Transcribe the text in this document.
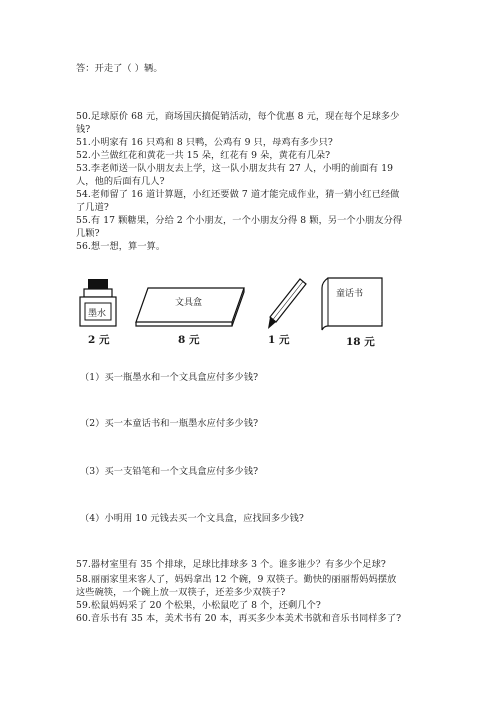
答：开走了（ ）辆。
50.足球原价 68 元，商场国庆搞促销活动，每个优惠 8 元，现在每个足球多少
钱?
51.小明家有 16 只鸡和 8 只鸭，公鸡有 9 只，母鸡有多少只?
52.小兰做红花和黄花一共 15 朵，红花有 9 朵，黄花有几朵?
53.李老师送一队小朋友去上学，这一队小朋友共有 27 人，小明的前面有 19
人，他的后面有几人?
54.老师留了 16 道计算题，小红还要做 7 道才能完成作业，猜一猜小红已经做
了几道?
55.有 17 颗糖果，分给 2 个小朋友，一个小朋友分得 8 颗，另一个小朋友分得
几颗?
56.想一想，算一算。
墨水
2 元
文具盒
8 元	1 元
童话书
18 元
（1）买一瓶墨水和一个文具盒应付多少钱?
（2）买一本童话书和一瓶墨水应付多少钱?
（3）买一支铅笔和一个文具盒应付多少钱?
（4）小明用 10 元钱去买一个文具盒，应找回多少钱?
57.器材室里有 35 个排球，足球比排球多 3 个。谁多谁少？有多少个足球?
58.丽丽家里来客人了，妈妈拿出 12 个碗，9 双筷子。勤快的丽丽帮妈妈摆放
这些碗筷，一个碗上放一双筷子，还差多少双筷子?
59.松鼠妈妈采了 20 个松果，小松鼠吃了 8 个，还剩几个?
60.音乐书有 35 本，美术书有 20 本，再买多少本美术书就和音乐书同样多了?
